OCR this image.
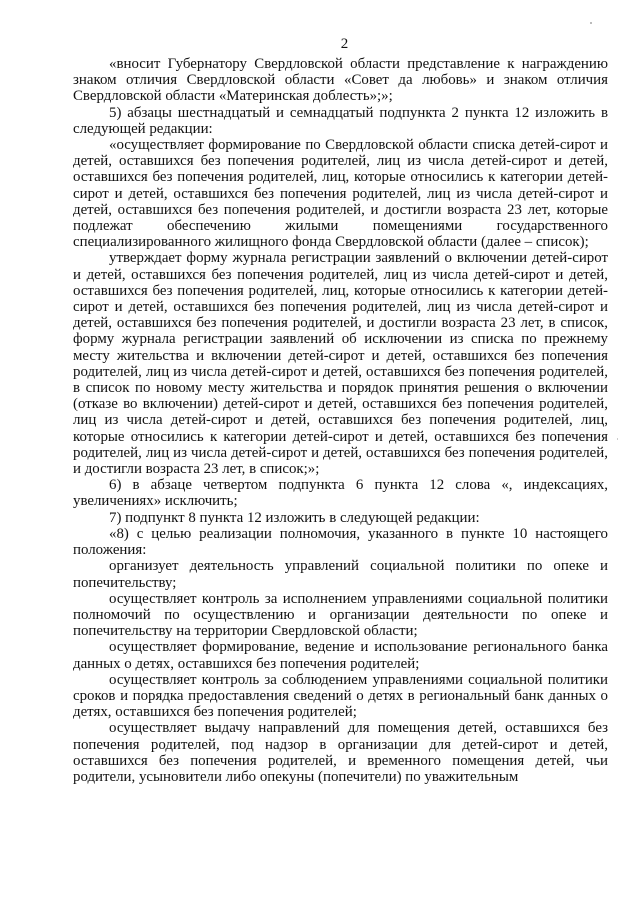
2

«вносит Губернатору Свердловской области представление к награждению знаком отличия Свердловской области «Совет да любовь» и знаком отличия Свердловской области «Материнская доблесть»;»;

5) абзацы шестнадцатый и семнадцатый подпункта 2 пункта 12 изложить в следующей редакции:

«осуществляет формирование по Свердловской области списка детей-сирот и детей, оставшихся без попечения родителей, лиц из числа детей-сирот и детей, оставшихся без попечения родителей, лиц, которые относились к категории детей-сирот и детей, оставшихся без попечения родителей, лиц из числа детей-сирот и детей, оставшихся без попечения родителей, и достигли возраста 23 лет, которые подлежат обеспечению жилыми помещениями государственного специализированного жилищного фонда Свердловской области (далее – список);

утверждает форму журнала регистрации заявлений о включении детей-сирот и детей, оставшихся без попечения родителей, лиц из числа детей-сирот и детей, оставшихся без попечения родителей, лиц, которые относились к категории детей-сирот и детей, оставшихся без попечения родителей, лиц из числа детей-сирот и детей, оставшихся без попечения родителей, и достигли возраста 23 лет, в список, форму журнала регистрации заявлений об исключении из списка по прежнему месту жительства и включении детей-сирот и детей, оставшихся без попечения родителей, лиц из числа детей-сирот и детей, оставшихся без попечения родителей, в список по новому месту жительства и порядок принятия решения о включении (отказе во включении) детей-сирот и детей, оставшихся без попечения родителей, лиц из числа детей-сирот и детей, оставшихся без попечения родителей, лиц, которые относились к категории детей-сирот и детей, оставшихся без попечения родителей, лиц из числа детей-сирот и детей, оставшихся без попечения родителей, и достигли возраста 23 лет, в список;»;

6) в абзаце четвертом подпункта 6 пункта 12 слова «, индексациях, увеличениях» исключить;

7) подпункт 8 пункта 12 изложить в следующей редакции:

«8) с целью реализации полномочия, указанного в пункте 10 настоящего положения:

организует деятельность управлений социальной политики по опеке и попечительству;

осуществляет контроль за исполнением управлениями социальной политики полномочий по осуществлению и организации деятельности по опеке и попечительству на территории Свердловской области;

осуществляет формирование, ведение и использование регионального банка данных о детях, оставшихся без попечения родителей;

осуществляет контроль за соблюдением управлениями социальной политики сроков и порядка предоставления сведений о детях в региональный банк данных о детях, оставшихся без попечения родителей;

осуществляет выдачу направлений для помещения детей, оставшихся без попечения родителей, под надзор в организации для детей-сирот и детей, оставшихся без попечения родителей, и временного помещения детей, чьи родители, усыновители либо опекуны (попечители) по уважительным
